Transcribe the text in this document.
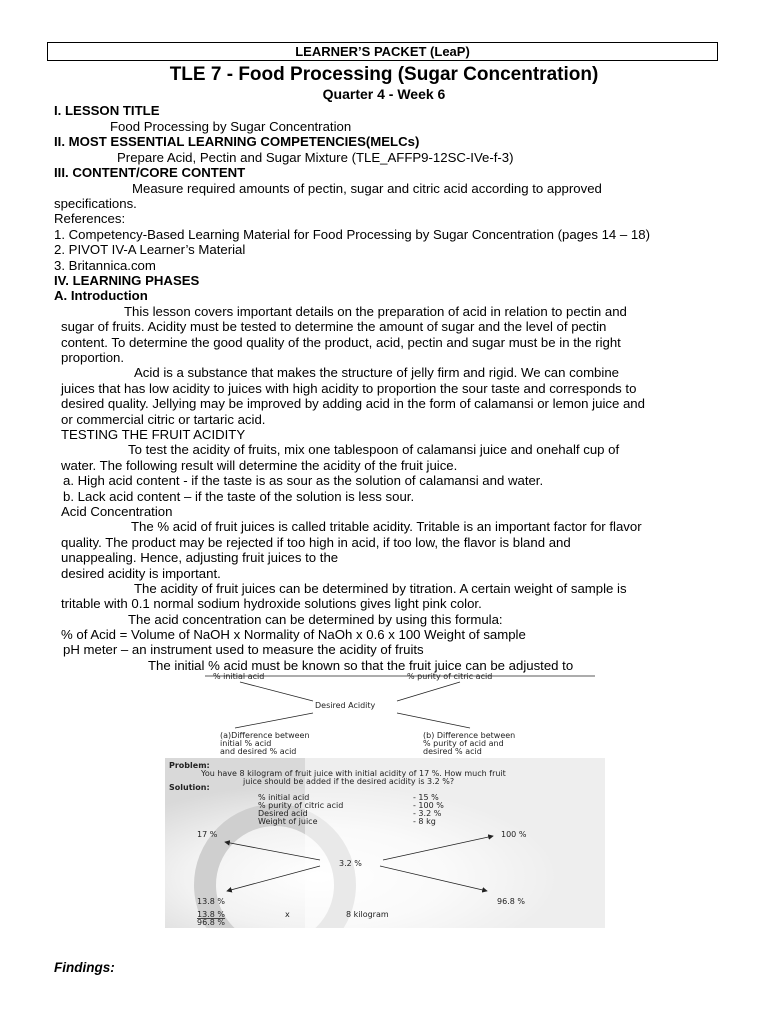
LEARNER’S PACKET (LeaP)
TLE 7 - Food Processing (Sugar Concentration)
Quarter 4 - Week 6
I. LESSON TITLE
Food Processing by Sugar Concentration
II. MOST ESSENTIAL LEARNING COMPETENCIES(MELCs)
Prepare Acid, Pectin and Sugar Mixture (TLE_AFFP9-12SC-IVe-f-3)
III. CONTENT/CORE CONTENT
Measure required amounts of pectin, sugar and citric acid according to approved
specifications.
References:
1. Competency-Based Learning Material for Food Processing by Sugar Concentration (pages 14 – 18)
2. PIVOT IV-A Learner’s Material
3. Britannica.com
IV. LEARNING PHASES
A. Introduction
This lesson covers important details on the preparation of acid in relation to pectin and
sugar of fruits. Acidity must be tested to determine the amount of sugar and the level of pectin
content. To determine the good quality of the product, acid, pectin and sugar must be in the right
proportion.
Acid is a substance that makes the structure of jelly firm and rigid. We can combine
juices that has low acidity to juices with high acidity to proportion the sour taste and corresponds to
desired quality. Jellying may be improved by adding acid in the form of calamansi or lemon juice and
or commercial citric or tartaric acid.
TESTING THE FRUIT ACIDITY
To test the acidity of fruits, mix one tablespoon of calamansi juice and onehalf cup of
water. The following result will determine the acidity of the fruit juice.
a. High acid content - if the taste is as sour as the solution of calamansi and water.
b. Lack acid content – if the taste of the solution is less sour.
Acid Concentration
The % acid of fruit juices is called tritable acidity. Tritable is an important factor for flavor
quality. The product may be rejected if too high in acid, if too low, the flavor is bland and
unappealing. Hence, adjusting fruit juices to the
desired acidity is important.
The acidity of fruit juices can be determined by titration. A certain weight of sample is
tritable with 0.1 normal sodium hydroxide solutions gives light pink color.
The acid concentration can be determined by using this formula:
% of Acid = Volume of NaOH x Normality of NaOh x 0.6 x 100 Weight of sample
pH meter – an instrument used to measure the acidity of fruits
The initial % acid must be known so that the fruit juice can be adjusted to
% initial acid	% purity of citric acid
Desired Acidity
(a)Difference between
initial % acid
and desired % acid
(b) Difference between
% purity of acid and
desired % acid
Problem:
You have 8 kilogram of fruit juice with initial acidity of 17 %. How much fruit
juice should be added if the desired acidity is 3.2 %?
Solution:
% initial acid	- 15 %
% purity of citric acid	- 100 %
Desired acid	- 3.2 %
Weight of juice	- 8 kg
17 %	100 %
3.2 %
13.8 %	96.8 %
13.8 %
96.8 %
x	8 kilogram
Findings:
